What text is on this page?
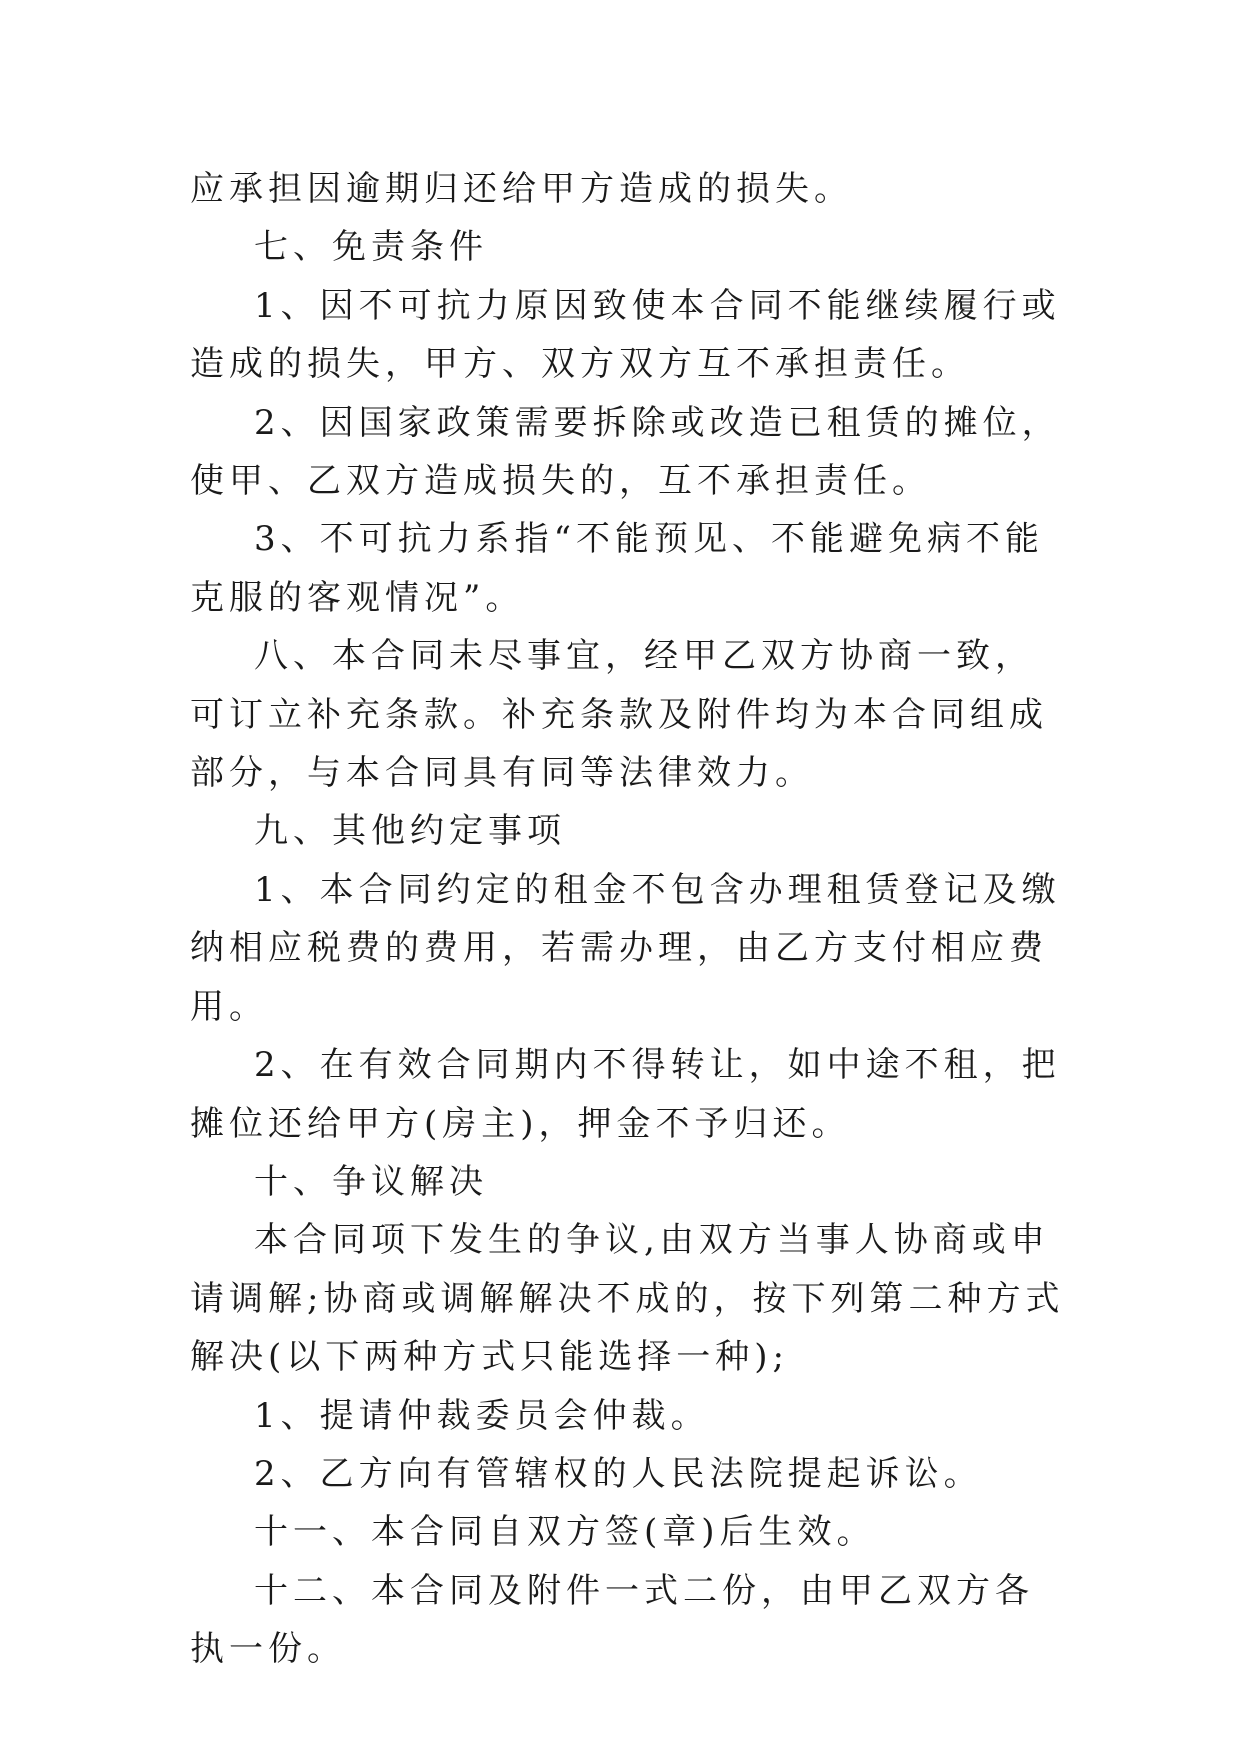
应承担因逾期归还给甲方造成的损失。

七、免责条件

1、因不可抗力原因致使本合同不能继续履行或造成的损失，甲方、双方双方互不承担责任。

2、因国家政策需要拆除或改造已租赁的摊位，使甲、乙双方造成损失的，互不承担责任。

3、不可抗力系指“不能预见、不能避免病不能克服的客观情况”。

八、本合同未尽事宜，经甲乙双方协商一致，可订立补充条款。补充条款及附件均为本合同组成部分，与本合同具有同等法律效力。

九、其他约定事项

1、本合同约定的租金不包含办理租赁登记及缴纳相应税费的费用，若需办理，由乙方支付相应费用。

2、在有效合同期内不得转让，如中途不租，把摊位还给甲方(房主)，押金不予归还。

十、争议解决

本合同项下发生的争议,由双方当事人协商或申请调解;协商或调解解决不成的，按下列第二种方式解决(以下两种方式只能选择一种);

1、提请仲裁委员会仲裁。

2、乙方向有管辖权的人民法院提起诉讼。

十一、本合同自双方签(章)后生效。

十二、本合同及附件一式二份，由甲乙双方各执一份。
